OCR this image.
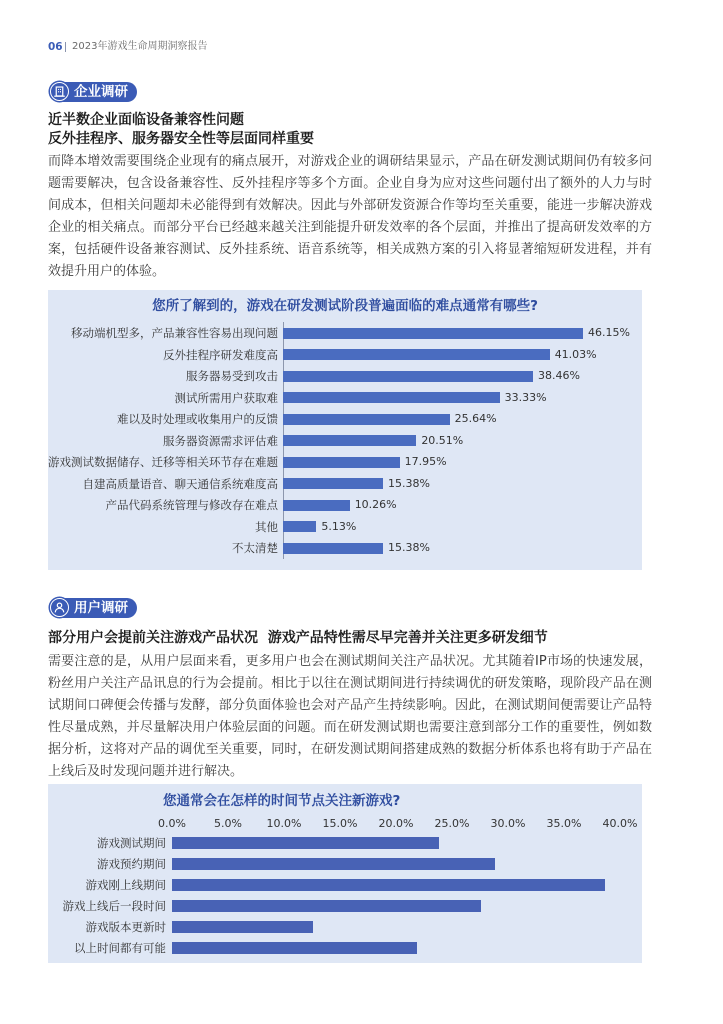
06 2023年游戏生命周期洞察报告
企业调研
近半数企业面临设备兼容性问题
反外挂程序、服务器安全性等层面同样重要
而降本增效需要围绕企业现有的痛点展开，对游戏企业的调研结果显示，产品在研发测试期间仍有较多问
题需要解决，包含设备兼容性、反外挂程序等多个方面。企业自身为应对这些问题付出了额外的人力与时
间成本，但相关问题却未必能得到有效解决。因此与外部研发资源合作等均至关重要，能进一步解决游戏
企业的相关痛点。而部分平台已经越来越关注到能提升研发效率的各个层面，并推出了提高研发效率的方
案，包括硬件设备兼容测试、反外挂系统、语音系统等，相关成熟方案的引入将显著缩短研发进程，并有
效提升用户的体验。
您所了解到的，游戏在研发测试阶段普遍面临的难点通常有哪些?
移动端机型多，产品兼容性容易出现问题	46.15%
反外挂程序研发难度高	41.03%
服务器易受到攻击	38.46%
测试所需用户获取难	33.33%
难以及时处理或收集用户的反馈	25.64%
服务器资源需求评估难	20.51%
游戏测试数据储存、迁移等相关环节存在难题	17.95%
自建高质量语音、聊天通信系统难度高	15.38%
产品代码系统管理与修改存在难点	10.26%
其他	5.13%
不太清楚	15.38%
用户调研
部分用户会提前关注游戏产品状况  游戏产品特性需尽早完善并关注更多研发细节
需要注意的是，从用户层面来看，更多用户也会在测试期间关注产品状况。尤其随着IP市场的快速发展，
粉丝用户关注产品讯息的行为会提前。相比于以往在测试期间进行持续调优的研发策略，现阶段产品在测
试期间口碑便会传播与发酵，部分负面体验也会对产品产生持续影响。因此，在测试期间便需要让产品特
性尽量成熟，并尽量解决用户体验层面的问题。而在研发测试期也需要注意到部分工作的重要性，例如数
据分析，这将对产品的调优至关重要，同时，在研发测试期间搭建成熟的数据分析体系也将有助于产品在
上线后及时发现问题并进行解决。
您通常会在怎样的时间节点关注新游戏?
0.0%	5.0%	10.0% 15.0% 20.0% 25.0% 30.0% 35.0% 40.0%
游戏测试期间
游戏预约期间
游戏刚上线期间
游戏上线后一段时间
游戏版本更新时
以上时间都有可能
